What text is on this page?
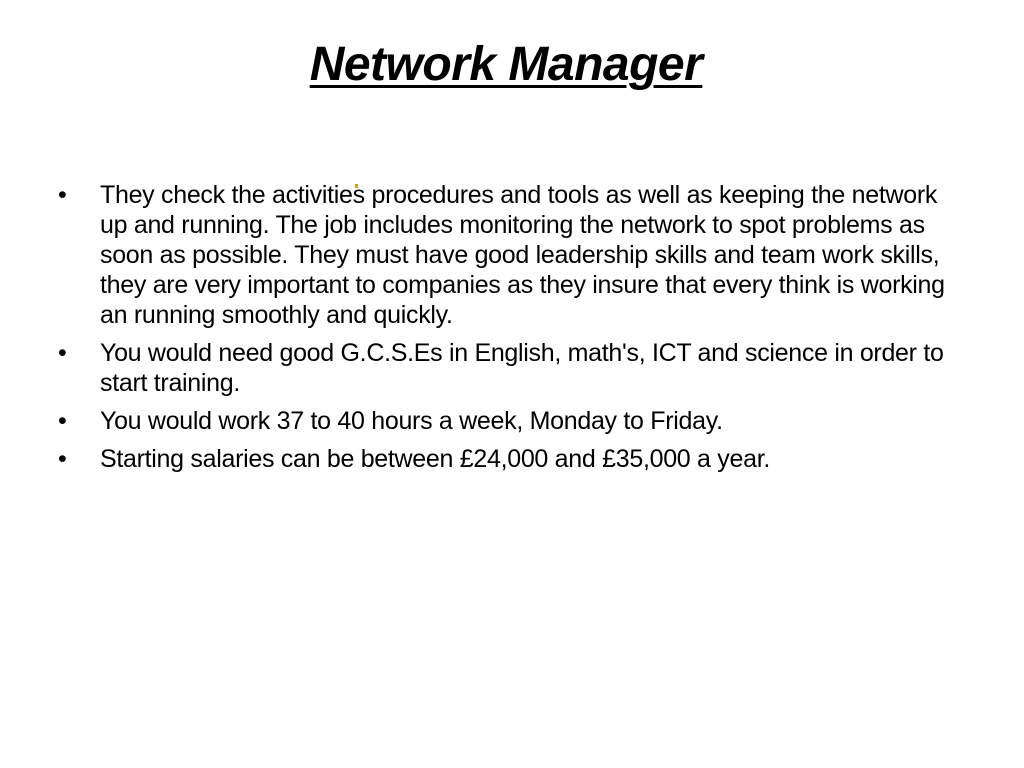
Network Manager
•	They check the activities procedures and tools as well as keeping the network up and running. The job includes monitoring the network to spot problems as soon as possible. They must have good leadership skills and team work skills, they are very important to companies as they insure that every think is working an running smoothly and quickly.
•	You would need good G.C.S.Es in English, math's, ICT and science in order to start training.
•	You would work 37 to 40 hours a week, Monday to Friday.
•	Starting salaries can be between £24,000 and £35,000 a year.
